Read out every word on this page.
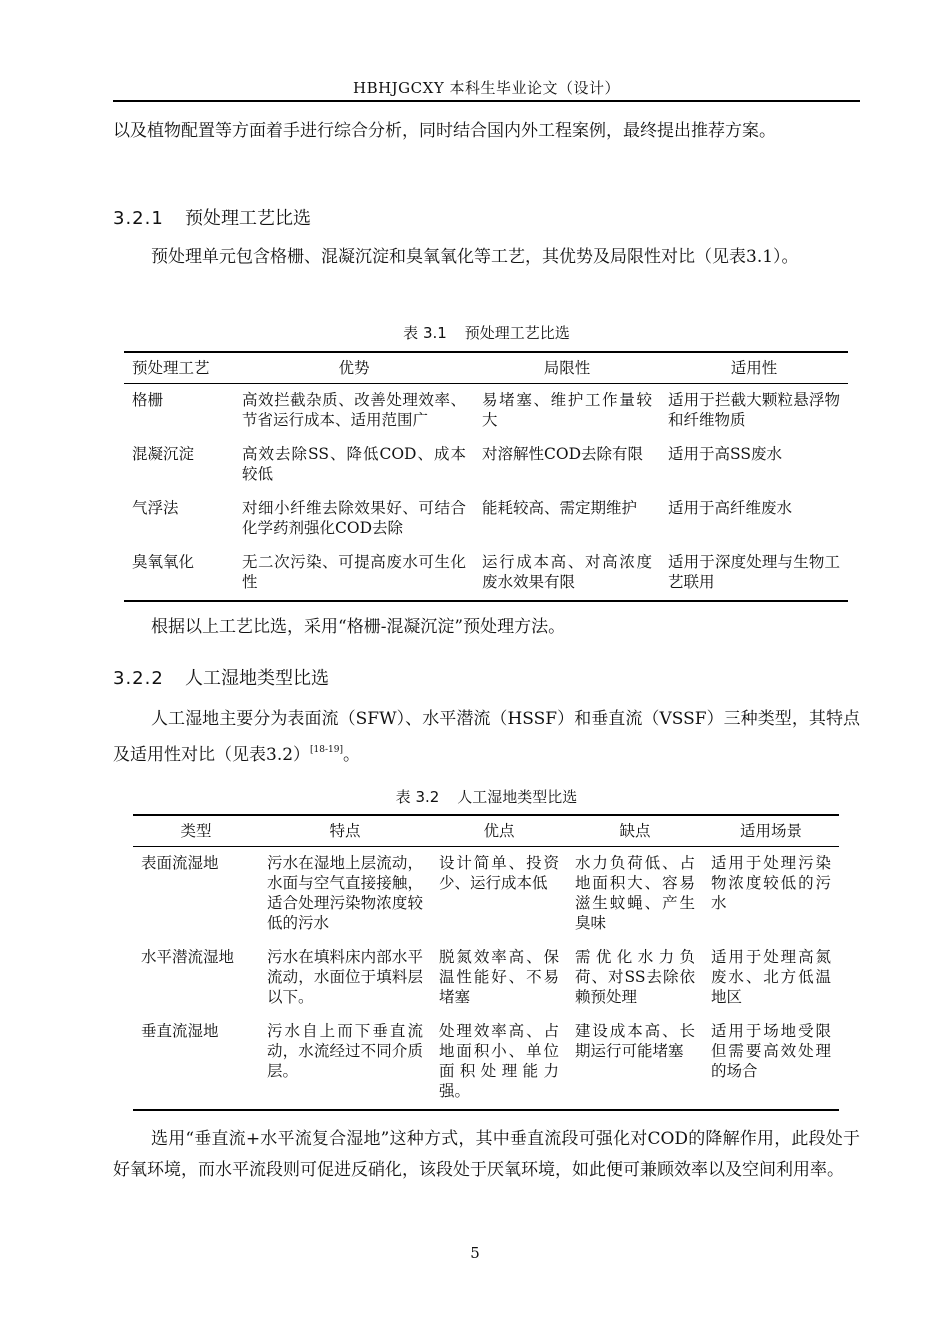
HBHJGCXY 本科生毕业论文（设计）
以及植物配置等方面着手进行综合分析，同时结合国内外工程案例，最终提出推荐方案。
3.2.1 预处理工艺比选
预处理单元包含格栅、混凝沉淀和臭氧氧化等工艺，其优势及局限性对比（见表3.1）。
表 3.1 预处理工艺比选
预处理工艺	优势	局限性	适用性
格栅	高效拦截杂质、改善处理效率、节省运行成本、适用范围广	易堵塞、维护工作量较大	适用于拦截大颗粒悬浮物和纤维物质
混凝沉淀	高效去除SS、降低COD、成本较低	对溶解性COD去除有限	适用于高SS废水
气浮法	对细小纤维去除效果好、可结合化学药剂强化COD去除	能耗较高、需定期维护	适用于高纤维废水
臭氧氧化	无二次污染、可提高废水可生化性	运行成本高、对高浓度废水效果有限	适用于深度处理与生物工艺联用
根据以上工艺比选，采用“格栅-混凝沉淀”预处理方法。
3.2.2 人工湿地类型比选
人工湿地主要分为表面流（SFW）、水平潜流（HSSF）和垂直流（VSSF）三种类型，其特点及适用性对比（见表3.2）[18-19]。
表 3.2 人工湿地类型比选
类型	特点	优点	缺点	适用场景
表面流湿地	污水在湿地上层流动，水面与空气直接接触，适合处理污染物浓度较低的污水	设计简单、投资少、运行成本低	水力负荷低、占地面积大、容易滋生蚊蝇、产生臭味	适用于处理污染物浓度较低的污水
水平潜流湿地	污水在填料床内部水平流动，水面位于填料层以下。	脱氮效率高、保温性能好、不易堵塞	需优化水力负荷、对SS去除依赖预处理	适用于处理高氮废水、北方低温地区
垂直流湿地	污水自上而下垂直流动，水流经过不同介质层。	处理效率高、占地面积小、单位面积处理能力强。	建设成本高、长期运行可能堵塞	适用于场地受限但需要高效处理的场合
选用“垂直流+水平流复合湿地”这种方式，其中垂直流段可强化对COD的降解作用，此段处于好氧环境，而水平流段则可促进反硝化，该段处于厌氧环境，如此便可兼顾效率以及空间利用率。
5
